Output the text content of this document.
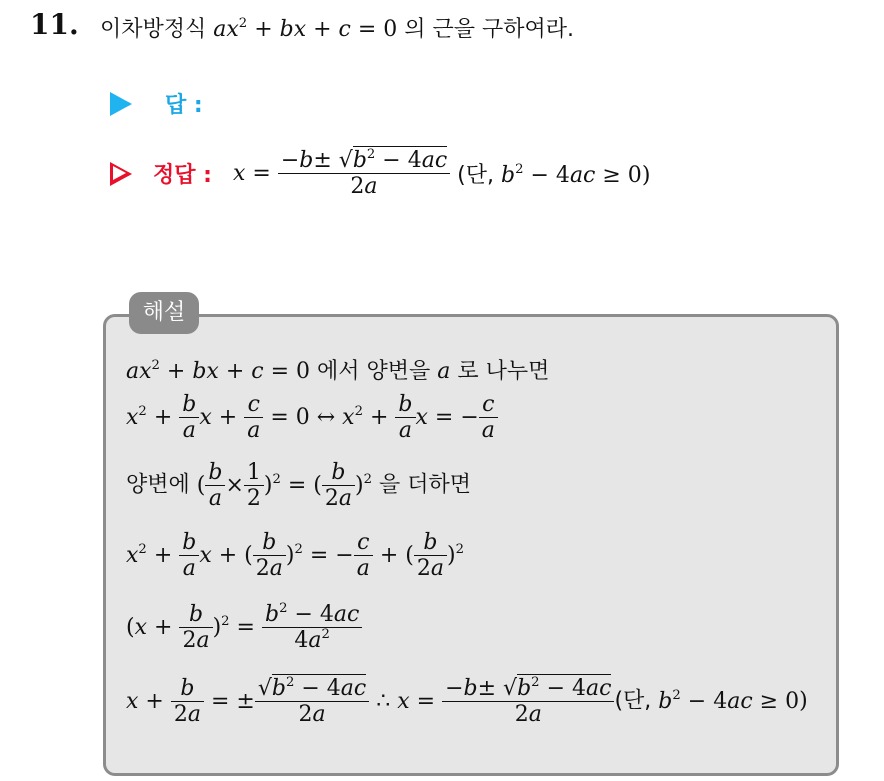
11. 이차방정식 $ax^2$ + bx + c = 0 의 근을 구하여라.
답 :
정답 : $x = \frac{-b\pm √b^2 - 4ac}{2a}$ (단, $b^2 - 4ac \ge 0$)
해설
$ax^2$ + bx + c = 0 에서 양변을 a 로 나누면
$x^2 + \frac{b}{a}$ $x + \frac{c}{a} = 0$ ↔ $x^2 + \frac{b}{a}$ x = − $\frac{c}{a}$
양변에 ( $\frac{b}{a} \times \frac{1}{2} )^2$ = ( $\frac{b}{2a} )^2$ 을 더하면
$x^2 + \frac{b}{a}$ x + ( $\frac{b}{2a} )^2$ = − $\frac{c}{a}$ + ( $\frac{b}{2a} )^2$
$(x + \frac{b}{2a} )^2 = \frac{b^2 - 4ac}{4a^2}$
$x + \frac{b}{2a}$ = ± $\frac{√b^2 - 4ac}{2a}$ ∴ $x = \frac{-b\pm √b^2 - 4ac}{2a}$ (단, $b^2 - 4ac \ge 0$)
